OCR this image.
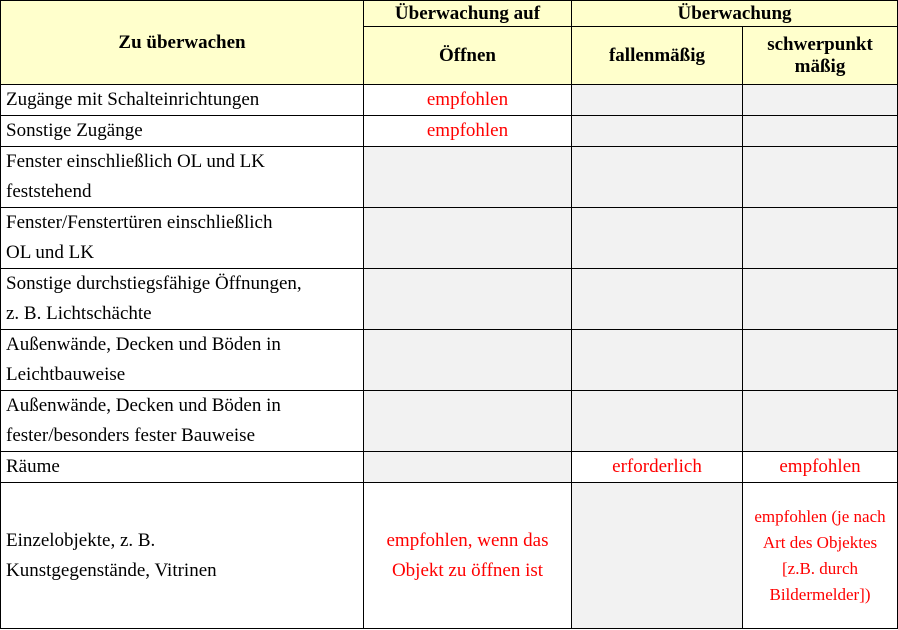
Zu überwachen	Überwachung auf	Überwachung	
	Öffnen	fallenmäßig	schwerpunkt mäßig

Zugänge mit Schalteinrichtungen	empfohlen		
Sonstige Zugänge	empfohlen		

Fenster einschließlich OL und LK feststehend			

Fenster/Fenstertüren einschließlich OL und LK			

Sonstige durchstiegsfähige Öffnungen, z. B. Lichtschächte			

Außenwände, Decken und Böden in Leichtbauweise			

Außenwände, Decken und Böden in fester/besonders fester Bauweise			

Räume		erforderlich	empfohlen

Einzelobjekte, z. B. Kunstgegenstände, Vitrinen	empfohlen, wenn das Objekt zu öffnen ist		empfohlen (je nach Art des Objektes [z.B. durch Bildermelder])
